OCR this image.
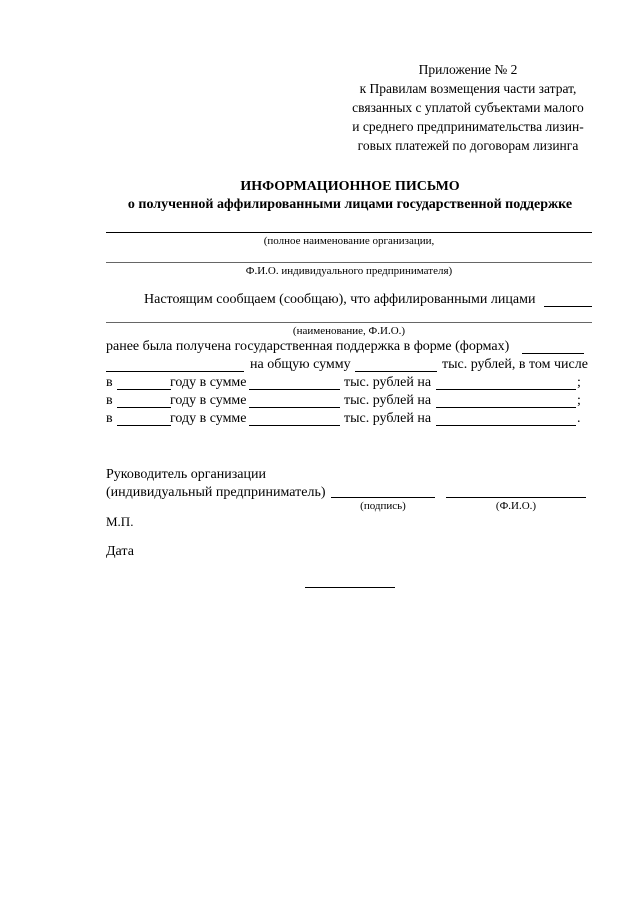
Приложение № 2
к Правилам возмещения части затрат,
связанных с уплатой субъектами малого
и среднего предпринимательства лизин-
говых платежей по договорам лизинга
ИНФОРМАЦИОННОЕ ПИСЬМО
о полученной аффилированными лицами государственной поддержке
(полное наименование организации,
Ф.И.О. индивидуального предпринимателя)
Настоящим сообщаем (сообщаю), что аффилированными лицами
(наименование, Ф.И.О.)
ранее была получена государственная поддержка в форме (формах)
на общую сумму	тыс. рублей, в том числе
в	году в сумме	тыс. рублей на	;
в	году в сумме	тыс. рублей на	;
в	году в сумме	тыс. рублей на	.
Руководитель организации
(индивидуальный предприниматель)
(подпись)	(Ф.И.О.)
М.П.
Дата
